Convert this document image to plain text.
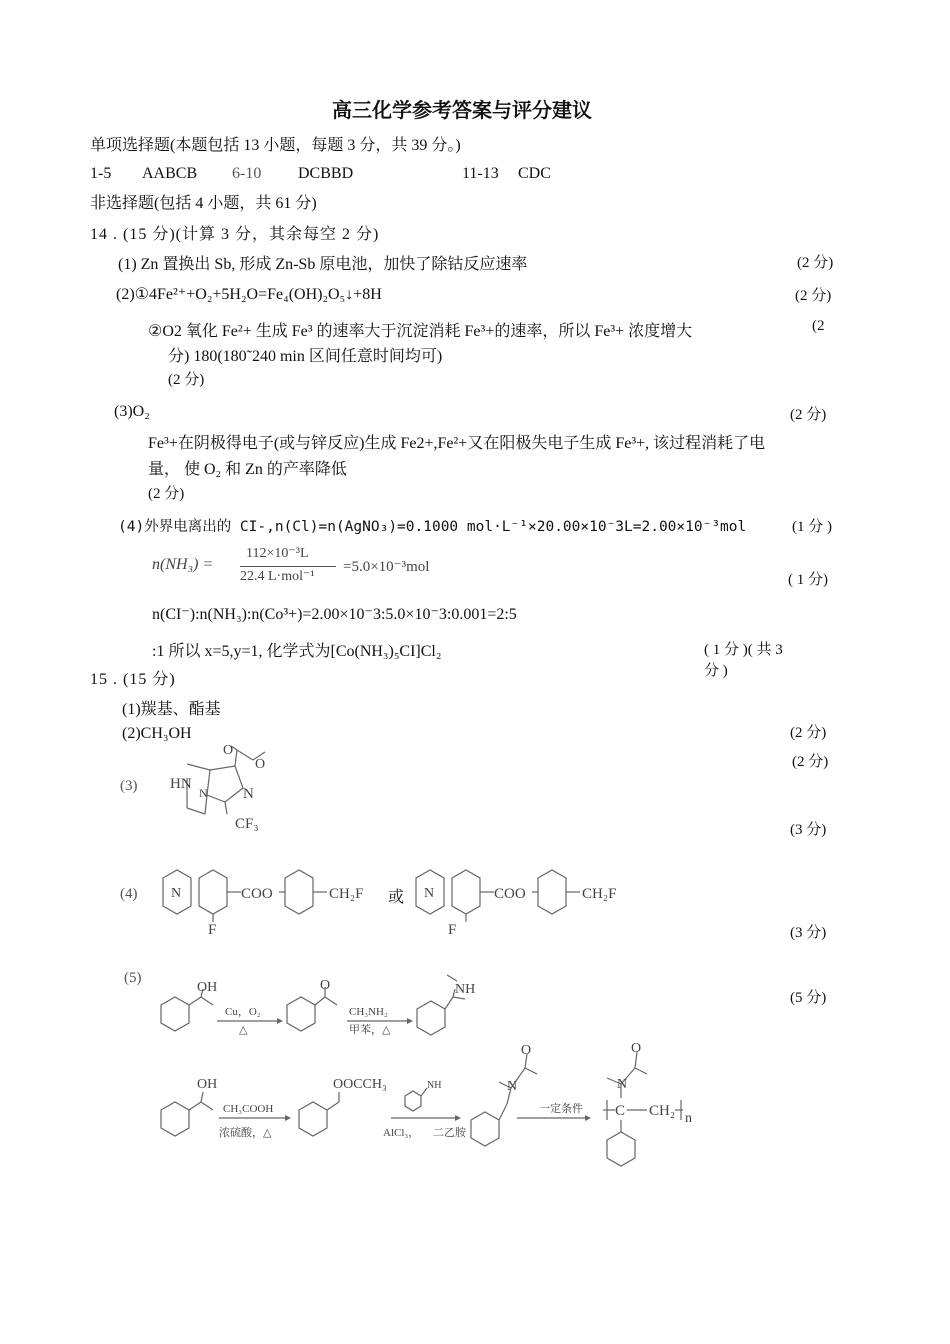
高三化学参考答案与评分建议
单项选择题(本题包括 13 小题，每题 3 分，共 39 分。)
1-5 AABCB 6-10 DCBBD	11-13 CDC
非选择题(包括 4 小题，共 61 分)
14 . (15 分)(计算 3 分，其余每空 2 分)
(1) Zn 置换出 Sb, 形成 Zn-Sb 原电池，加快了除钴反应速率	(2 分)
(2)①4Fe²⁺+O₂+5H₂O=Fe₄(OH)₂O₅↓+8H	(2 分)
②O2 氧化 Fe²+ 生成 Fe³ 的速率大于沉淀消耗 Fe³+的速率，所以 Fe³+ 浓度增大	(2
分) 180(180˜240 min 区间任意时间均可)
(2 分)
(3)O₂	(2 分)
Fe³+在阴极得电子(或与锌反应)生成 Fe2+,Fe²+又在阳极失电子生成 Fe³+, 该过程消耗了电
量， 使 O₂ 和 Zn 的产率降低
(2 分)
(4)外界电离出的 CI-,n(Cl)=n(AgNO₃)=0.1000 mol·L⁻¹×20.00×10⁻3L=2.00×10⁻³mol	(1 分 )
n(NH₃) =
112×10⁻³L
22.4 L·mol⁻¹
=5.0×10⁻³mol
( 1 分)
n(CI⁻):n(NH₃):n(Co³+)=2.00×10⁻3:5.0×10⁻3:0.001=2:5
:1 所以 x=5,y=1, 化学式为[Co(NH₃)₅CI]Cl₂	( 1 分 )( 共 3
分 )
15 . (15 分)
(1)羰基、酯基
(2)CH₃OH	(2 分)
(2 分)
(3)
(3 分)
HN
N
N
CF₃
O
O
(4) N	COO	CH₂F
F
或 N	COO	CH₂F
F	(3 分)
(5)
(5 分)
OH
Cu，O₂
△
O
CH₃NH₂
甲苯，△
NH
OH
CH₃COOH
浓硫酸，△
OOCCH₃	NH
AlCl₃， 二乙胺
N
O
一定条件 C CH₂ n
N
O
